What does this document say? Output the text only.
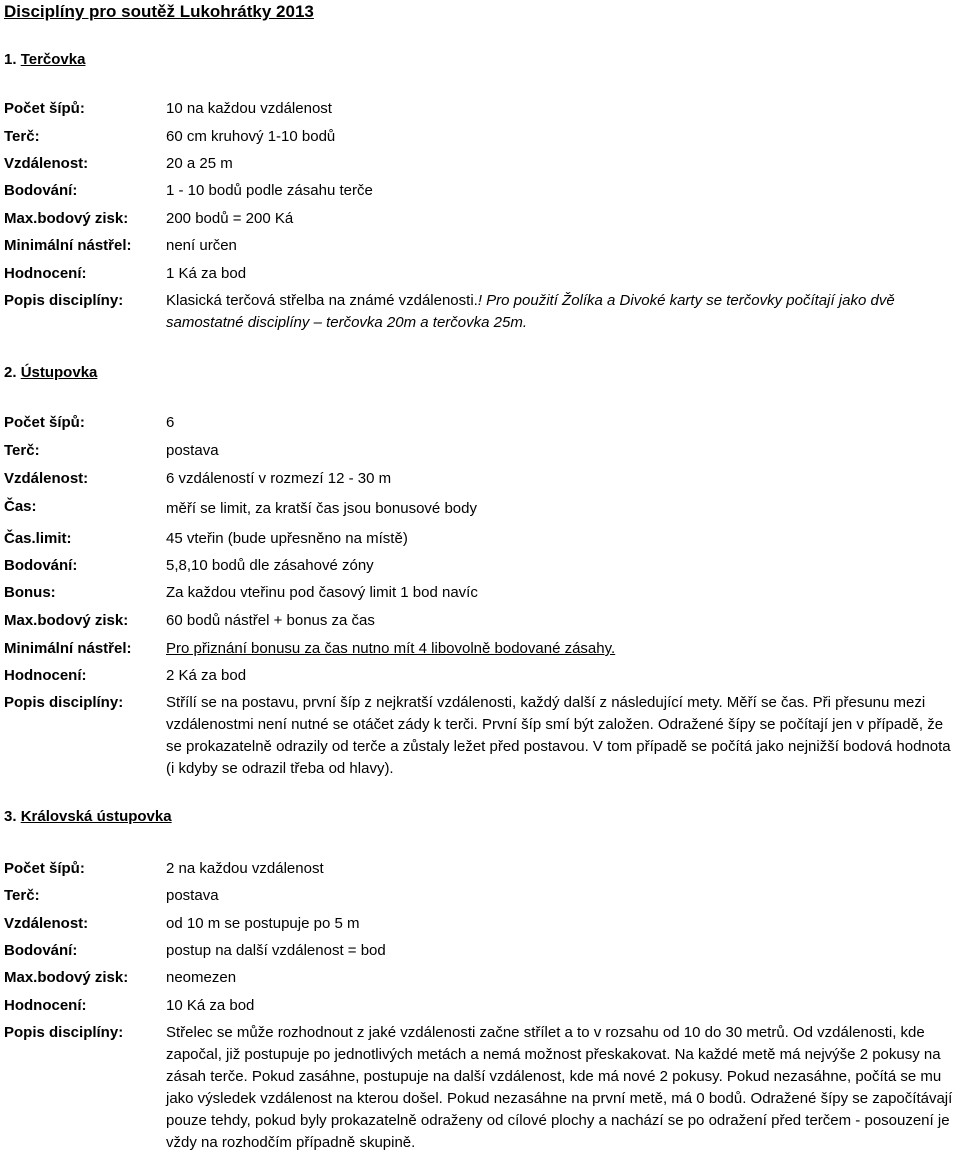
Disciplíny pro soutěž Lukohrátky 2013
1. Terčovka
Počet šípů:	10 na každou vzdálenost
Terč:	60 cm kruhový 1-10 bodů
Vzdálenost:	20 a 25 m
Bodování:	1 - 10 bodů podle zásahu terče
Max.bodový zisk:	200 bodů = 200 Ká
Minimální nástřel: není určen
Hodnocení:	1 Ká za bod
Popis disciplíny:	Klasická terčová střelba na známé vzdálenosti.! Pro použití Žolíka a Divoké karty se terčovky počítají jako dvě samostatné disciplíny – terčovka 20m a terčovka 25m.
2. Ústupovka
Počet šípů:	6
Terč:	postava
Vzdálenost:	6 vzdáleností v rozmezí 12 - 30 m
Čas:	měří se limit, za kratší čas jsou bonusové body
Čas.limit:	45 vteřin (bude upřesněno na místě)
Bodování:	5,8,10 bodů dle zásahové zóny
Bonus:	Za každou vteřinu pod časový limit 1 bod navíc
Max.bodový zisk:	60 bodů nástřel + bonus za čas
Minimální nástřel: Pro přiznání bonusu za čas nutno mít 4 libovolně bodované zásahy.
Hodnocení:	2 Ká za bod
Popis disciplíny:	Střílí se na postavu, první šíp z nejkratší vzdálenosti, každý další z následující mety. Měří se čas. Při přesunu mezi vzdálenostmi není nutné se otáčet zády k terči. První šíp smí být založen. Odražené šípy se počítají jen v případě, že se prokazatelně odrazily od terče a zůstaly ležet před postavou. V tom případě se počítá jako nejnižší bodová hodnota (i kdyby se odrazil třeba od hlavy).
3. Královská ústupovka
Počet šípů:	2 na každou vzdálenost
Terč:	postava
Vzdálenost:	od 10 m se postupuje po 5 m
Bodování:	postup na další vzdálenost = bod
Max.bodový zisk:	neomezen
Hodnocení:	10 Ká za bod
Popis disciplíny:	Střelec se může rozhodnout z jaké vzdálenosti začne střílet a to v rozsahu od 10 do 30 metrů. Od vzdálenosti, kde započal, již postupuje po jednotlivých metách a nemá možnost přeskakovat. Na každé metě má nejvýše 2 pokusy na zásah terče. Pokud zasáhne, postupuje na další vzdálenost, kde má nové 2 pokusy. Pokud nezasáhne, počítá se mu jako výsledek vzdálenost na kterou došel. Pokud nezasáhne na první metě, má 0 bodů. Odražené šípy se započítávají pouze tehdy, pokud byly prokazatelně odraženy od cílové plochy a nachází se po odražení před terčem - posouzení je vždy na rozhodčím případně skupině.
